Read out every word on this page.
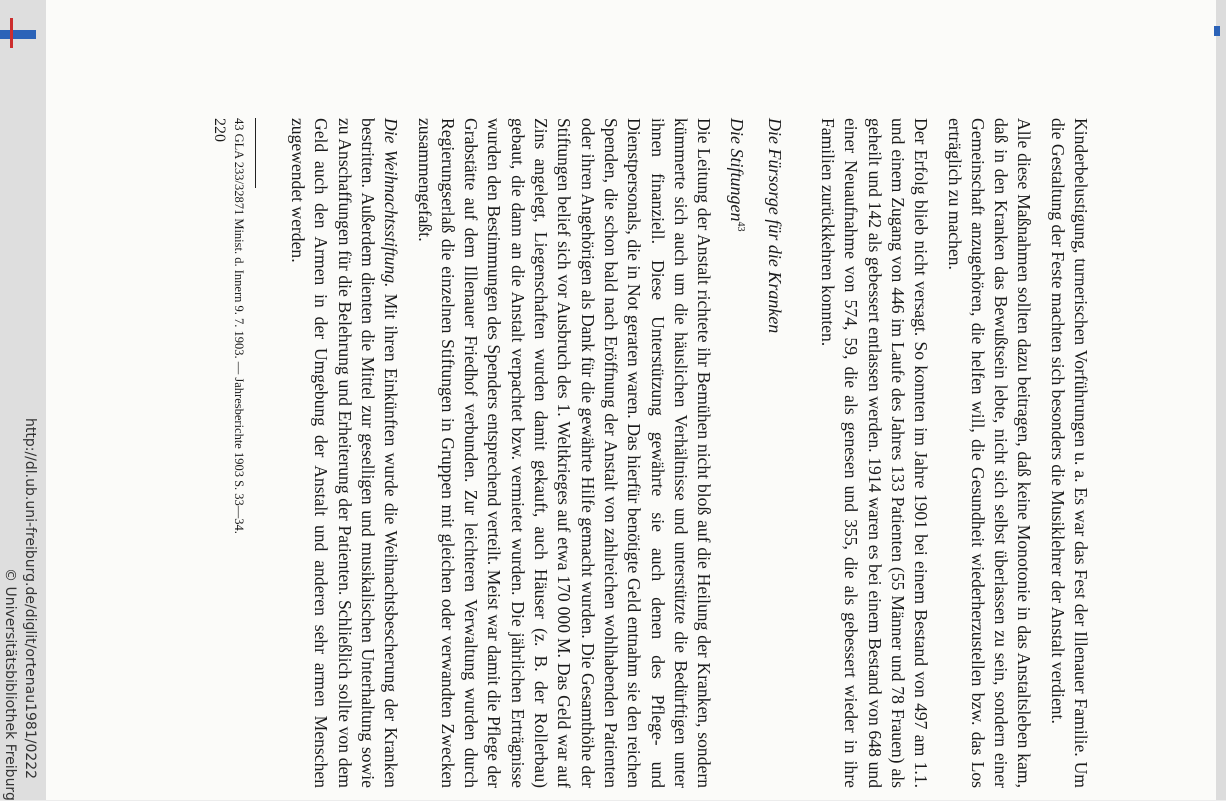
http://dl.ub.uni-freiburg.de/diglit/ortenau1981/0222
© Universitätsbibliothek Freiburg	Kinderbelustigung, turnerischen Vorführungen u. a. Es war das Fest der Illenauer Familie. Um die Gestaltung der Feste machten sich besonders die Musiklehrer der Anstalt verdient.

Alle diese Maßnahmen sollten dazu beitragen, daß keine Monotonie in das Anstaltsleben kam, daß in den Kranken das Bewußtsein lebte, nicht sich selbst überlassen zu sein, sondern einer Gemeinschaft anzugehören, die helfen will, die Gesundheit wiederherzustellen bzw. das Los erträglich zu machen.

Der Erfolg blieb nicht versagt. So konnten im Jahre 1901 bei einem Bestand von 497 am 1.1. und einem Zugang von 446 im Laufe des Jahres 133 Patienten (55 Männer und 78 Frauen) als geheilt und 142 als gebessert entlassen werden. 1914 waren es bei einem Bestand von 648 und einer Neuaufnahme von 574, 59, die als genesen und 355, die als gebessert wieder in ihre Familien zurückkehren konnten.

Die Fürsorge für die Kranken

Die Stiftungen$^{43}$

Die Leitung der Anstalt richtete ihr Bemühen nicht bloß auf die Heilung der Kranken, sondern kümmerte sich auch um die häuslichen Verhältnisse und unterstützte die Bedürftigen unter ihnen finanziell. Diese Unterstützung gewährte sie auch denen des Pflege- und Dienstpersonals, die in Not geraten waren. Das hierfür benötigte Geld entnahm sie den reichen Spenden, die schon bald nach Eröffnung der Anstalt von zahlreichen wohlhabenden Patienten oder ihren Angehörigen als Dank für die gewährte Hilfe gemacht wurden. Die Gesamthöhe der Stiftungen belief sich vor Ausbruch des 1. Weltkrieges auf etwa 170 000 M. Das Geld war auf Zins angelegt, Liegenschaften wurden damit gekauft, auch Häuser (z. B. der Rollerbau) gebaut, die dann an die Anstalt verpachtet bzw. vermietet wurden. Die jährlichen Erträgnisse wurden den Bestimmungen des Spenders entsprechend verteilt. Meist war damit die Pflege der Grabstätte auf dem Illenauer Friedhof verbunden. Zur leichteren Verwaltung wurden durch Regierungserlaß die einzelnen Stiftungen in Gruppen mit gleichen oder verwandten Zwecken zusammengefaßt.

Die Weihnachtsstiftung. Mit ihren Einkünften wurde die Weihnachtsbescherung der Kranken bestritten. Außerdem dienten die Mittel zur geselligen und musikalischen Unterhaltung sowie zu Anschaffungen für die Belehrung und Erheiterung der Patienten. Schließlich sollte von dem Geld auch den Armen in der Umgebung der Anstalt und anderen sehr armen Menschen zugewendet werden.

43 GLA 233/32871 Minist. d. Innern 9. 7. 1903. — Jahresberichte 1903 S. 33—34.

220
